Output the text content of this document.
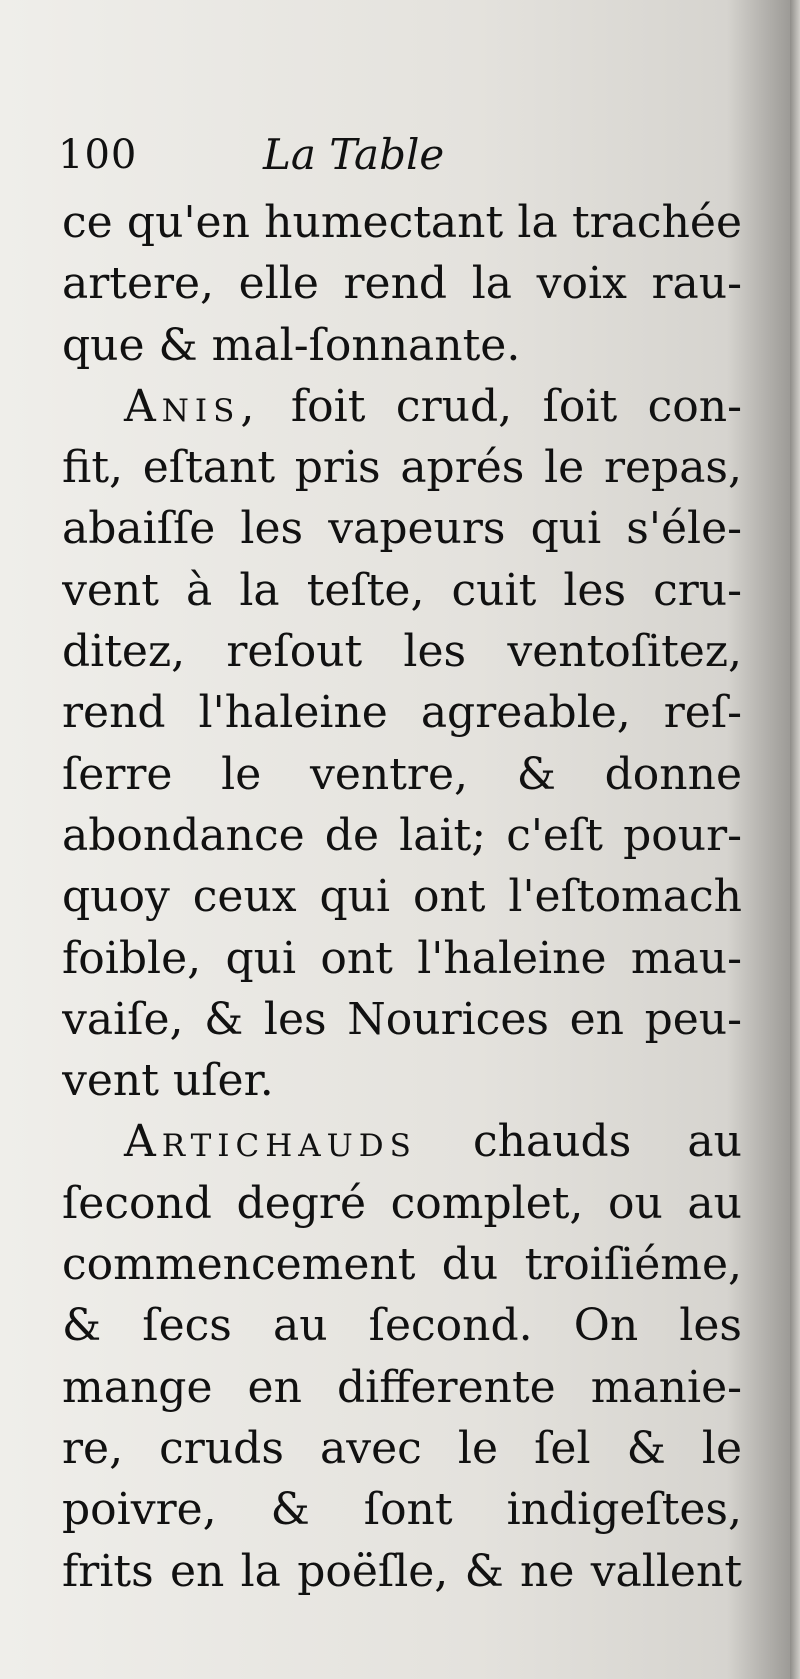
100	La Table
ce qu'en humectant la trachée
artere, elle rend la voix rau-
que & mal-ſonnante.
Anis, foit crud, ſoit con-
fit, eſtant pris aprés le repas,
abaiſſe les vapeurs qui s'éle-
vent à la teſte, cuit les cru-
ditez, reſout les ventoſitez,
rend l'haleine agreable, reſ-
ſerre le ventre, & donne
abondance de lait; c'eſt pour-
quoy ceux qui ont l'eſtomach
foible, qui ont l'haleine mau-
vaiſe, & les Nourices en peu-
vent uſer.
Artichauds chauds au
ſecond degré complet, ou au
commencement du troiſiéme,
& ſecs au ſecond. On les
mange en differente manie-
re, cruds avec le ſel & le
poivre, & ſont indigeſtes,
frits en la poëſle, & ne vallent
